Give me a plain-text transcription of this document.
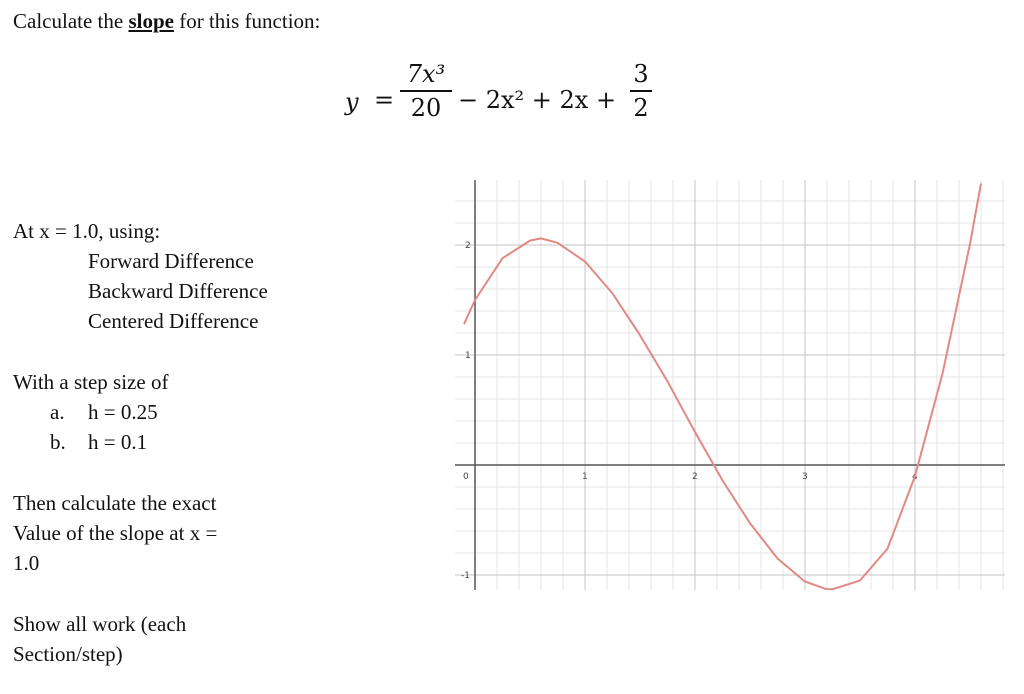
Calculate the slope for this function:
y =
7x³
20 − 2x² + 2x +
3
2
At x = 1.0, using:
Forward Difference
Backward Difference
Centered Difference
With a step size of
a. h = 0.25
b. h = 0.1
Then calculate the exact
Value of the slope at x =
1.0
Show all work (each
Section/step)
0	1	2	3	4
-1
1
2
